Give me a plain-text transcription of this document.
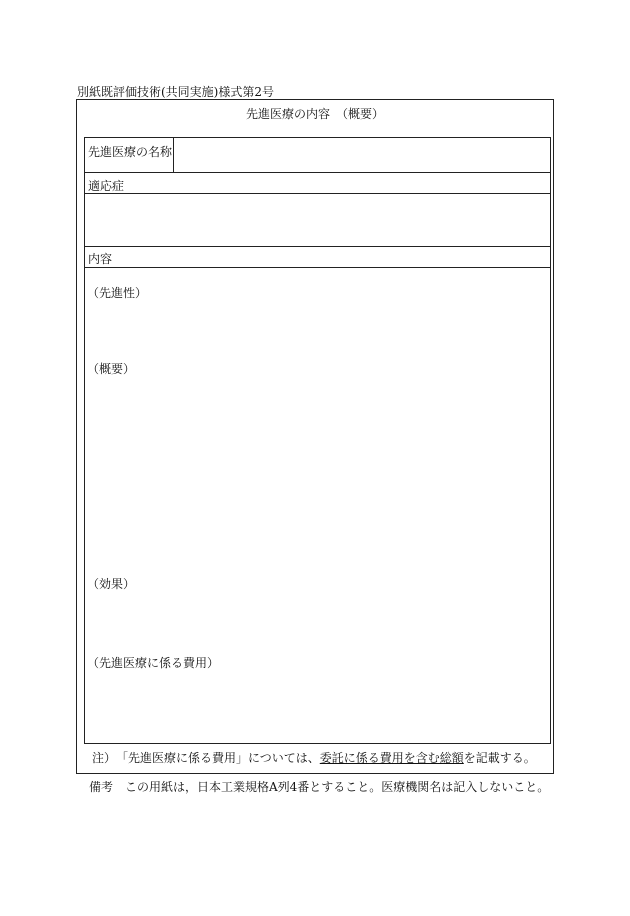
別紙既評価技術(共同実施)様式第2号
先進医療の内容　（概要）
先進医療の名称
適応症
内容
（先進性）
（概要）
（効果）
（先進医療に係る費用）
注）　「先進医療に係る費用」については、委託に係る費用を含む総額を記載する。
備考　この用紙は，日本工業規格A列4番とすること。医療機関名は記入しないこと。
